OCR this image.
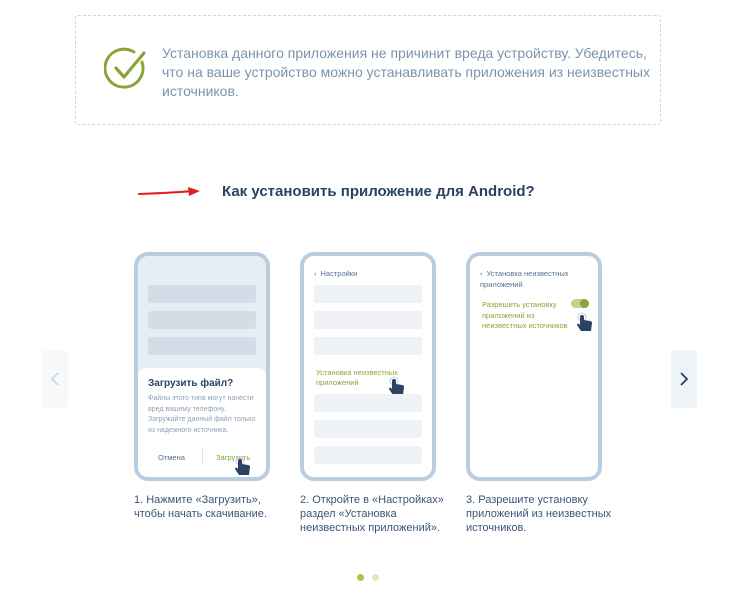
Установка данного приложения не причинит вреда устройству. Убедитесь, что на ваше устройство можно устанавливать приложения из неизвестных источников.
Как установить приложение для Android?
Загрузить файл?
Файлы этого типа могут нанести вред вашему телефону. Загружайте данный файл только из надежного источника.
Отмена	Загрузить
‹ Настройки
Установка неизвестных приложений
‹ Установка неизвестных приложений
Разрешить установку приложений из неизвестных источников
1. Нажмите «Загрузить», чтобы начать скачивание.
2. Откройте в «Настройках» раздел «Установка неизвестных приложений».
3. Разрешите установку приложений из неизвестных источников.
